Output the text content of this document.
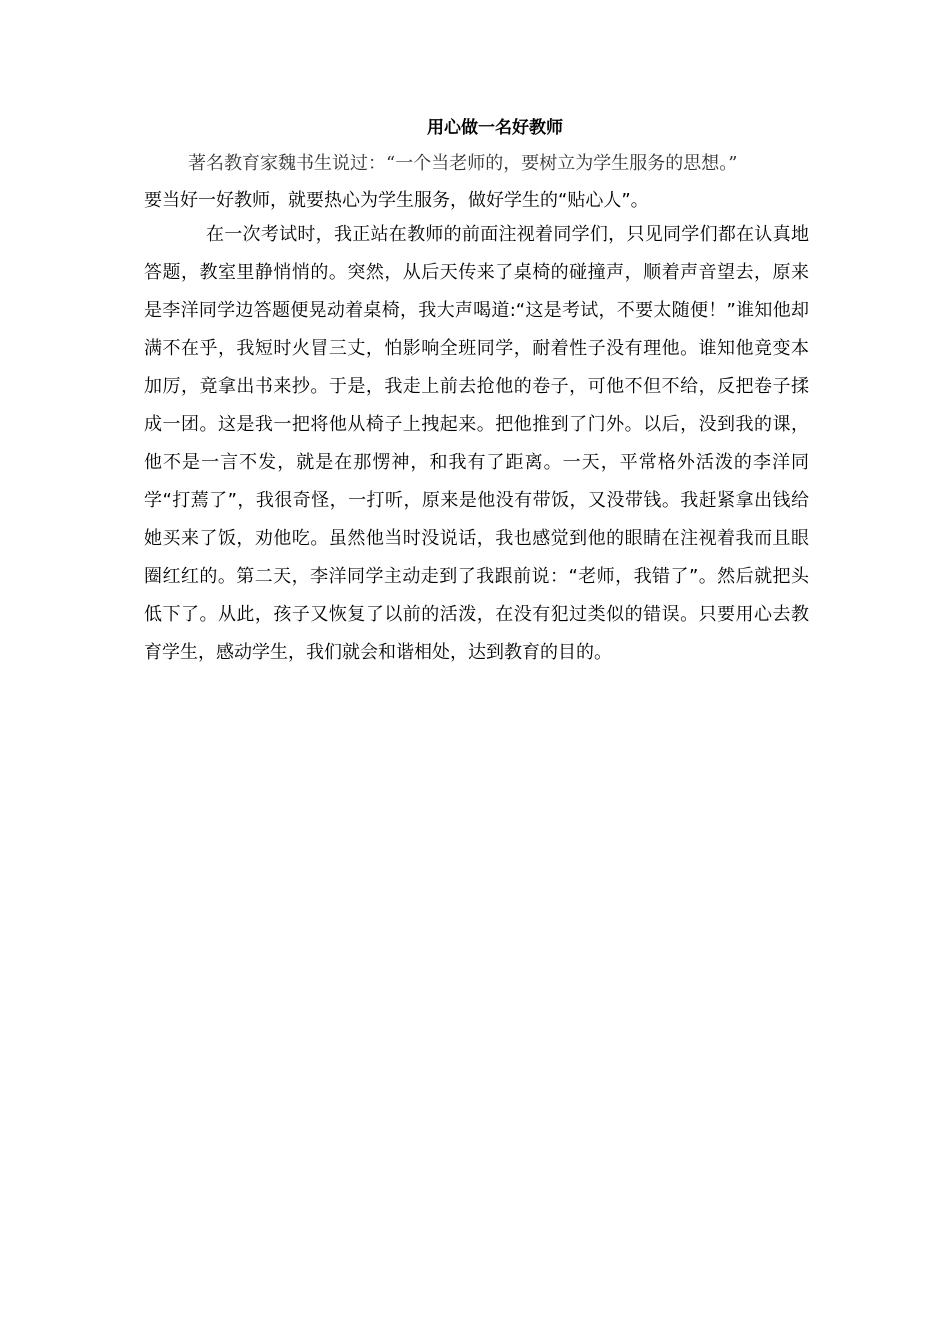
用心做一名好教师

著名教育家魏书生说过：“一个当老师的，要树立为学生服务的思想。”
要当好一好教师，就要热心为学生服务，做好学生的“贴心人”。

在一次考试时，我正站在教师的前面注视着同学们，只见同学们都在认真地答题，教室里静悄悄的。突然，从后天传来了桌椅的碰撞声，顺着声音望去，原来是李洋同学边答题便晃动着桌椅，我大声喝道:“这是考试，不要太随便！”谁知他却满不在乎，我短时火冒三丈，怕影响全班同学，耐着性子没有理他。谁知他竟变本加厉，竟拿出书来抄。于是，我走上前去抢他的卷子，可他不但不给，反把卷子揉成一团。这是我一把将他从椅子上拽起来。把他推到了门外。以后，没到我的课，他不是一言不发，就是在那愣神，和我有了距离。一天，平常格外活泼的李洋同学“打蔫了”，我很奇怪，一打听，原来是他没有带饭，又没带钱。我赶紧拿出钱给她买来了饭，劝他吃。虽然他当时没说话，我也感觉到他的眼睛在注视着我而且眼圈红红的。第二天，李洋同学主动走到了我跟前说：“老师，我错了”。然后就把头低下了。从此，孩子又恢复了以前的活泼，在没有犯过类似的错误。只要用心去教育学生，感动学生，我们就会和谐相处，达到教育的目的。
